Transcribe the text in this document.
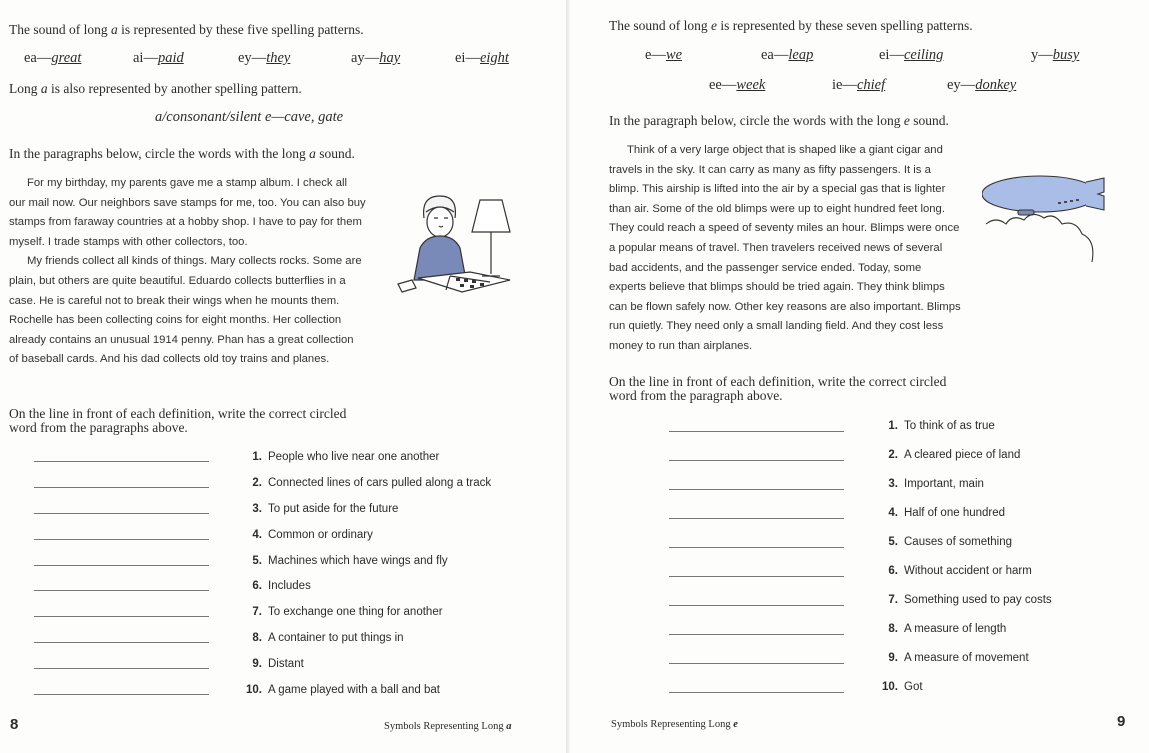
The sound of long a is represented by these five spelling patterns.
ea—great	ai—paid	ey—they	ay—hay	ei—eight
Long a is also represented by another spelling pattern.
a/consonant/silent e—cave, gate
In the paragraphs below, circle the words with the long a sound.

For my birthday, my parents gave me a stamp album. I check all our mail now. Our neighbors save stamps for me, too. You can also buy stamps from faraway countries at a hobby shop. I have to pay for them myself. I trade stamps with other collectors, too.

My friends collect all kinds of things. Mary collects rocks. Some are plain, but others are quite beautiful. Eduardo collects butterflies in a case. He is careful not to break their wings when he mounts them. Rochelle has been collecting coins for eight months. Her collection already contains an unusual 1914 penny. Phan has a great collection of baseball cards. And his dad collects old toy trains and planes.

On the line in front of each definition, write the correct circled
word from the paragraphs above.
1. People who live near one another
2. Connected lines of cars pulled along a track
3. To put aside for the future
4. Common or ordinary
5. Machines which have wings and fly
6. Includes
7. To exchange one thing for another
8. A container to put things in
9. Distant
10. A game played with a ball and bat
8	Symbols Representing Long a
The sound of long e is represented by these seven spelling patterns.
e—we	ea—leap	ei—ceiling	y—busy
ee—week	ie—chief	ey—donkey
In the paragraph below, circle the words with the long e sound.

Think of a very large object that is shaped like a giant cigar and travels in the sky. It can carry as many as fifty passengers. It is a blimp. This airship is lifted into the air by a special gas that is lighter than air. Some of the old blimps were up to eight hundred feet long. They could reach a speed of seventy miles an hour. Blimps were once a popular means of travel. Then travelers received news of several bad accidents, and the passenger service ended. Today, some experts believe that blimps should be tried again. They think blimps can be flown safely now. Other key reasons are also important. Blimps run quietly. They need only a small landing field. And they cost less money to run than airplanes.

On the line in front of each definition, write the correct circled
word from the paragraph above.
1. To think of as true
2. A cleared piece of land
3. Important, main
4. Half of one hundred
5. Causes of something
6. Without accident or harm
7. Something used to pay costs
8. A measure of length
9. A measure of movement
10. Got
Symbols Representing Long e	9
